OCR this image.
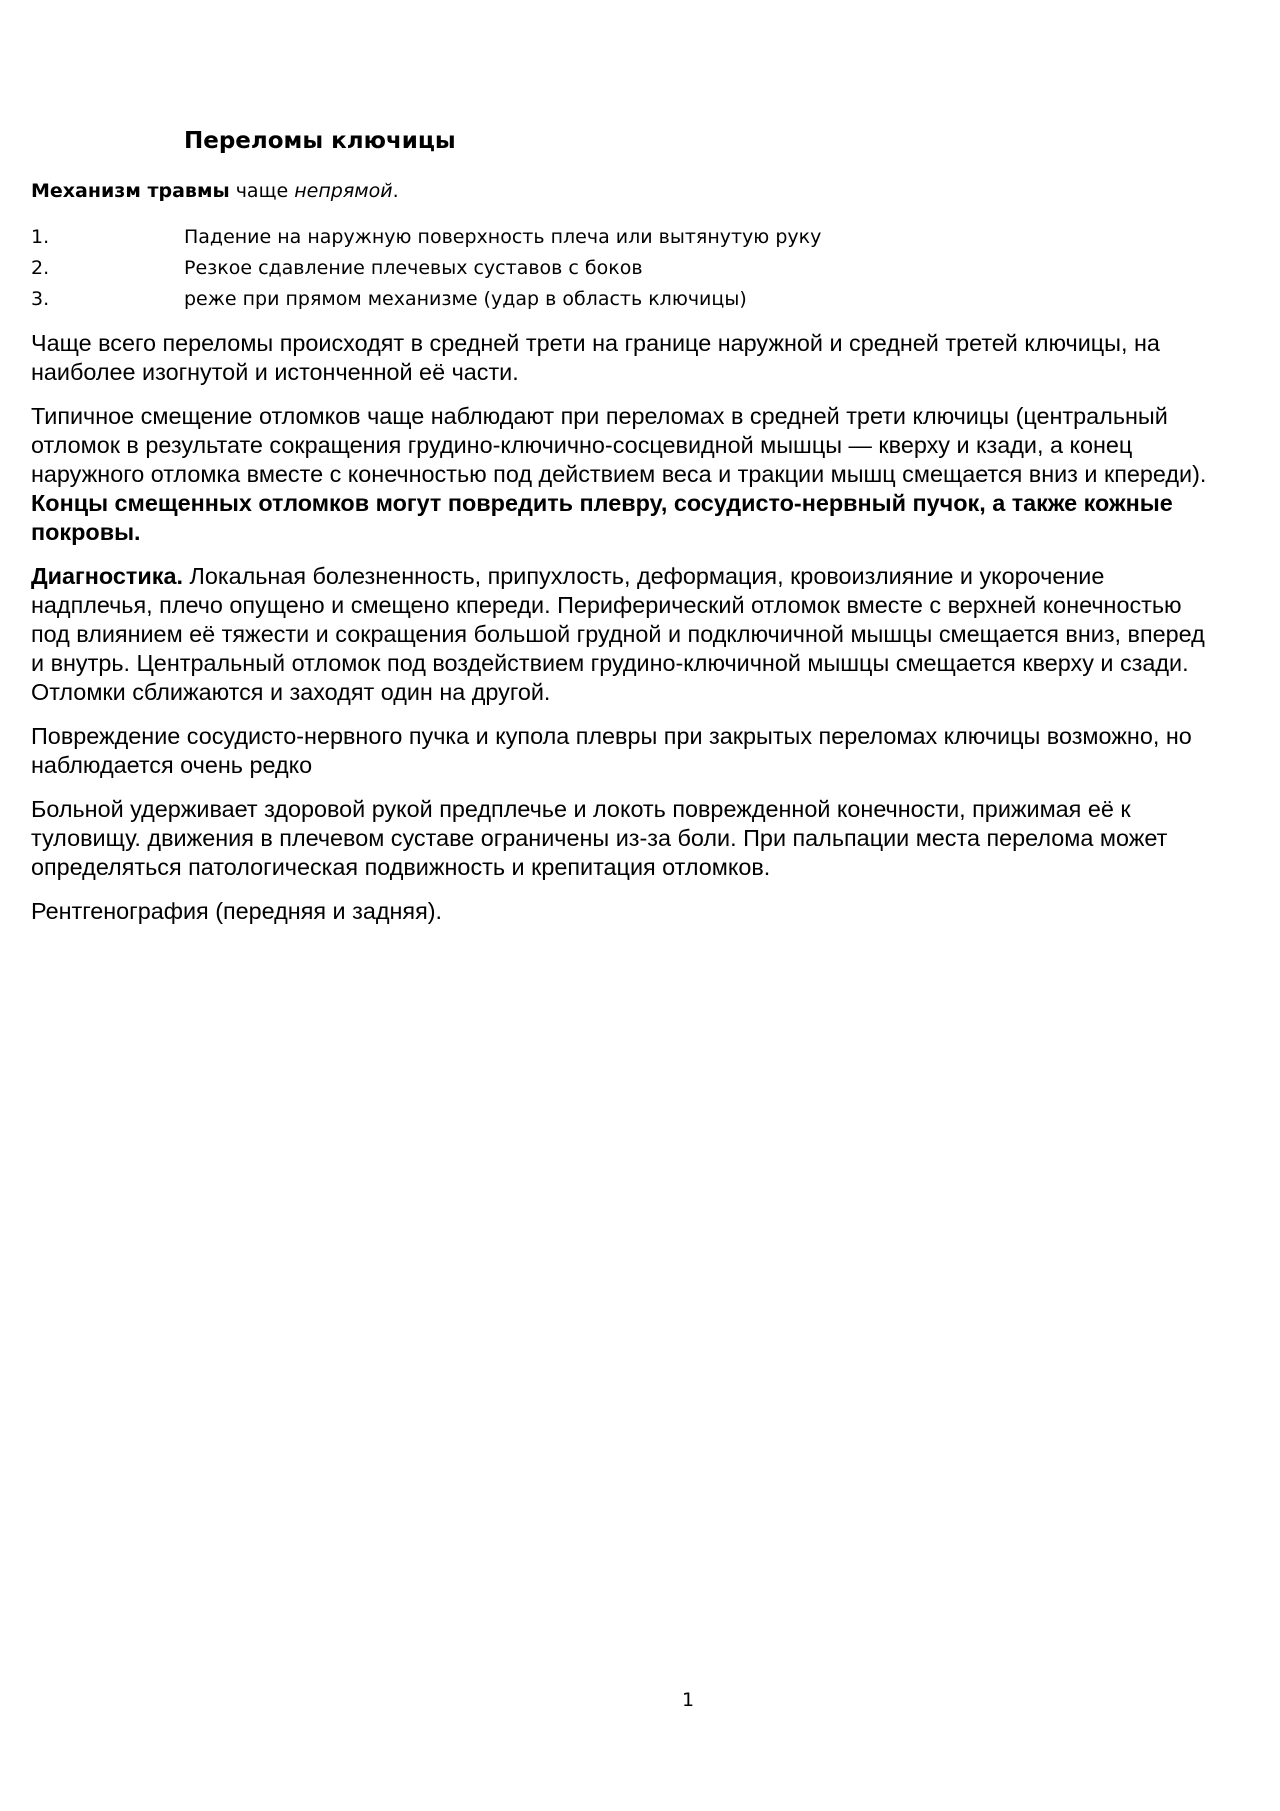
Переломы ключицы

Механизм травмы чаще непрямой.

1.	Падение на наружную поверхность плеча или вытянутую руку
2.	Резкое сдавление плечевых суставов с боков
3.	реже при прямом механизме (удар в область ключицы)

Чаще всего переломы происходят в средней трети на границе наружной и средней третей ключицы, на наиболее изогнутой и истонченной её части.

Типичное смещение отломков чаще наблюдают при переломах в средней трети ключицы (центральный отломок в результате сокращения грудино-ключично-сосцевидной мышцы — кверху и кзади, а конец наружного отломка вместе с конечностью под действием веса и тракции мышц смещается вниз и кпереди). Концы смещенных отломков могут повредить плевру, сосудисто-нервный пучок, а также кожные покровы.

Диагностика. Локальная болезненность, припухлость, деформация, кровоизлияние и укорочение надплечья, плечо опущено и смещено кпереди. Периферический отломок вместе с верхней конечностью под влиянием её тяжести и сокращения большой грудной и подключичной мышцы смещается вниз, вперед и внутрь. Центральный отломок под воздействием грудино-ключичной мышцы смещается кверху и сзади. Отломки сближаются и заходят один на другой.

Повреждение сосудисто-нервного пучка и купола плевры при закрытых переломах ключицы возможно, но наблюдается очень редко

Больной удерживает здоровой рукой предплечье и локоть поврежденной конечности, прижимая её к туловищу. движения в плечевом суставе ограничены из-за боли. При пальпации места перелома может определяться патологическая подвижность и крепитация отломков.

Рентгенография (передняя и задняя).

1
